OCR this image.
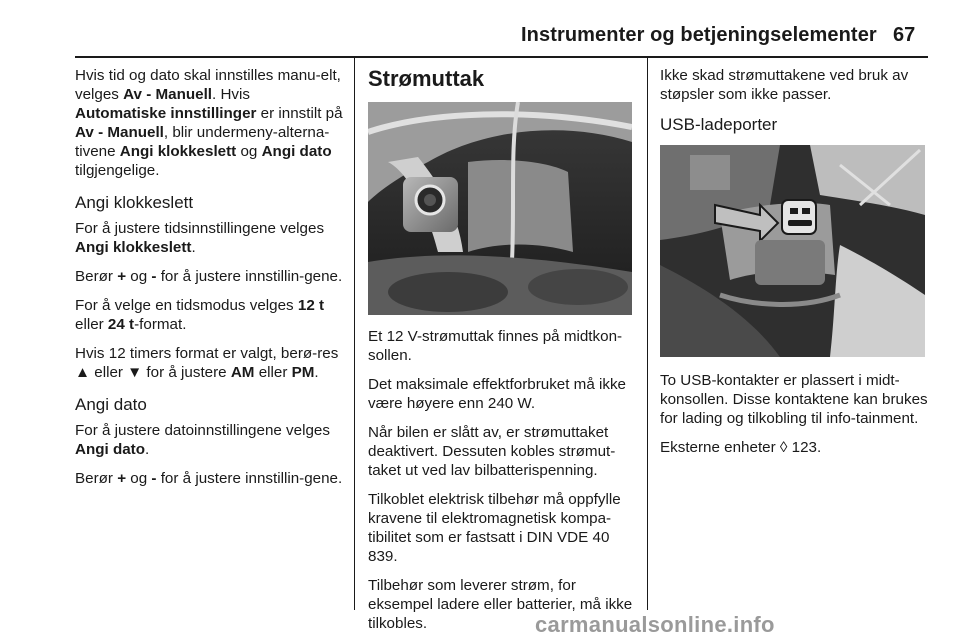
Instrumenter og betjeningselementer 67

Hvis tid og dato skal innstilles manu-elt, velges Av - Manuell. Hvis Automatiske innstillinger er innstilt på Av - Manuell, blir undermeny-alterna-tivene Angi klokkeslett og Angi dato tilgjengelige.

Angi klokkeslett

For å justere tidsinnstillingene velges Angi klokkeslett.

Berør + og - for å justere innstillin-gene.

For å velge en tidsmodus velges 12 t eller 24 t-format.

Hvis 12 timers format er valgt, berø-res ▲ eller ▼ for å justere AM eller PM.

Angi dato

For å justere datoinnstillingene velges Angi dato.

Berør + og - for å justere innstillin-gene.

Strømuttak

Et 12 V-strømuttak finnes på midtkon-sollen.

Det maksimale effektforbruket må ikke være høyere enn 240 W.

Når bilen er slått av, er strømuttaket deaktivert. Dessuten kobles strømut-taket ut ved lav bilbatterispenning.

Tilkoblet elektrisk tilbehør må oppfylle kravene til elektromagnetisk kompa-tibilitet som er fastsatt i DIN VDE 40 839.

Tilbehør som leverer strøm, for eksempel ladere eller batterier, må ikke tilkobles.

Ikke skad strømuttakene ved bruk av støpsler som ikke passer.

USB-ladeporter

To USB-kontakter er plassert i midt-konsollen. Disse kontaktene kan brukes for lading og tilkobling til info-tainment.

Eksterne enheter ◊ 123.

carmanualsonline.info
